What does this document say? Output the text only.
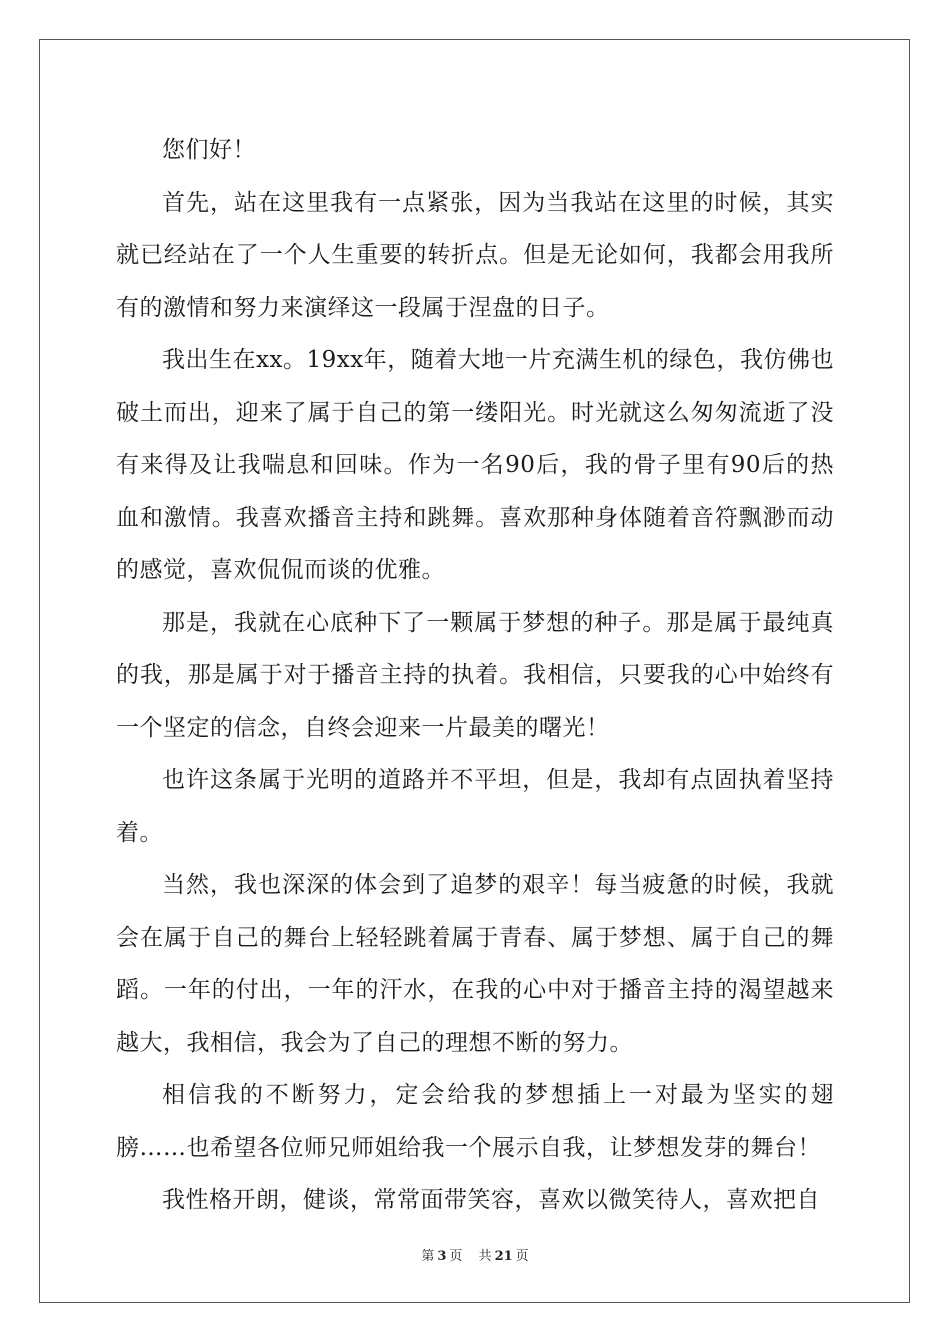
您们好！

首先，站在这里我有一点紧张，因为当我站在这里的时候，其实就已经站在了一个人生重要的转折点。但是无论如何，我都会用我所有的激情和努力来演绎这一段属于涅盘的日子。

我出生在xx。19xx年，随着大地一片充满生机的绿色，我仿佛也破土而出，迎来了属于自己的第一缕阳光。时光就这么匆匆流逝了没有来得及让我喘息和回味。作为一名90后，我的骨子里有90后的热血和激情。我喜欢播音主持和跳舞。喜欢那种身体随着音符飘渺而动的感觉，喜欢侃侃而谈的优雅。

那是，我就在心底种下了一颗属于梦想的种子。那是属于最纯真的我，那是属于对于播音主持的执着。我相信，只要我的心中始终有一个坚定的信念，自终会迎来一片最美的曙光！

也许这条属于光明的道路并不平坦，但是，我却有点固执着坚持着。

当然，我也深深的体会到了追梦的艰辛！每当疲惫的时候，我就会在属于自己的舞台上轻轻跳着属于青春、属于梦想、属于自己的舞蹈。一年的付出，一年的汗水，在我的心中对于播音主持的渴望越来越大，我相信，我会为了自己的理想不断的努力。

相信我的不断努力，定会给我的梦想插上一对最为坚实的翅膀……也希望各位师兄师姐给我一个展示自我，让梦想发芽的舞台！

我性格开朗，健谈，常常面带笑容，喜欢以微笑待人，喜欢把自

第 3 页 共 21 页
